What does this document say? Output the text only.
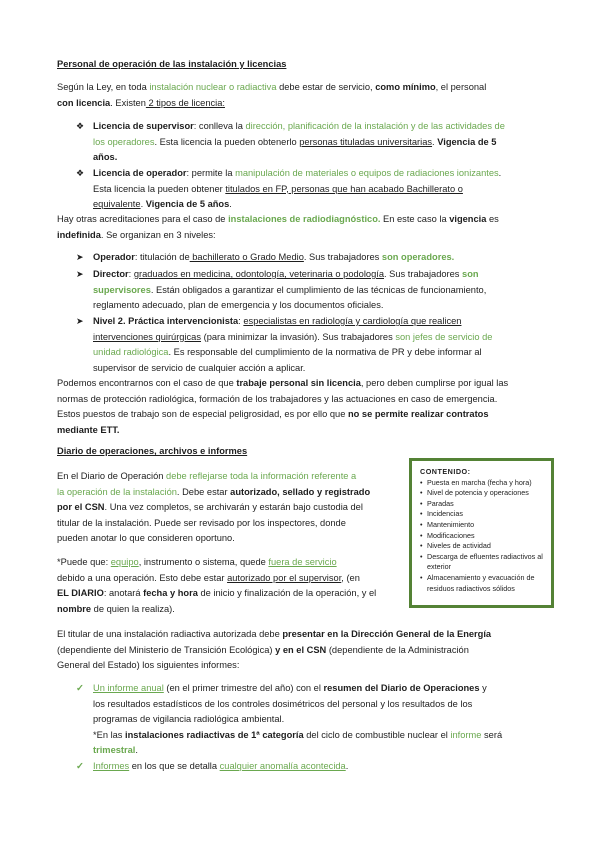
Personal de operación de las instalación y licencias
Según la Ley, en toda instalación nuclear o radiactiva debe estar de servicio, como mínimo, el personal
con licencia. Existen 2 tipos de licencia:
❖ Licencia de supervisor: conlleva la dirección, planificación de la instalación y de las actividades de
los operadores. Esta licencia la pueden obtenerlo personas tituladas universitarias. Vigencia de 5
años.
❖ Licencia de operador: permite la manipulación de materiales o equipos de radiaciones ionizantes.
Esta licencia la pueden obtener titulados en FP, personas que han acabado Bachillerato o
equivalente. Vigencia de 5 años.
Hay otras acreditaciones para el caso de instalaciones de radiodiagnóstico. En este caso la vigencia es
indefinida. Se organizan en 3 niveles:
➤ Operador: titulación de bachillerato o Grado Medio. Sus trabajadores son operadores.
➤ Director: graduados en medicina, odontología, veterinaria o podología. Sus trabajadores son
supervisores. Están obligados a garantizar el cumplimiento de las técnicas de funcionamiento,
reglamento adecuado, plan de emergencia y los documentos oficiales.
➤ Nivel 2. Práctica intervencionista: especialistas en radiología y cardiología que realicen
intervenciones quirúrgicas (para minimizar la invasión). Sus trabajadores son jefes de servicio de
unidad radiológica. Es responsable del cumplimiento de la normativa de PR y debe informar al
supervisor de servicio de cualquier acción a aplicar.
Podemos encontrarnos con el caso de que trabaje personal sin licencia, pero deben cumplirse por igual las
normas de protección radiológica, formación de los trabajadores y las actuaciones en caso de emergencia.
Estos puestos de trabajo son de especial peligrosidad, es por ello que no se permite realizar contratos
mediante ETT.
Diario de operaciones, archivos e informes
En el Diario de Operación debe reflejarse toda la información referente a
la operación de la instalación. Debe estar autorizado, sellado y registrado
por el CSN. Una vez completos, se archivarán y estarán bajo custodia del
titular de la instalación. Puede ser revisado por los inspectores, donde
pueden anotar lo que consideren oportuno.
*Puede que: equipo, instrumento o sistema, quede fuera de servicio
debido a una operación. Esto debe estar autorizado por el supervisor, (en
EL DIARIO: anotará fecha y hora de inicio y finalización de la operación, y el
nombre de quien la realiza).
CONTENIDO:
• Puesta en marcha (fecha y hora)
• Nivel de potencia y operaciones
• Paradas
• Incidencias
• Mantenimiento
• Modificaciones
• Niveles de actividad
• Descarga de efluentes radiactivos al exterior
• Almacenamiento y evacuación de residuos radiactivos sólidos
El titular de una instalación radiactiva autorizada debe presentar en la Dirección General de la Energía
(dependiente del Ministerio de Transición Ecológica) y en el CSN (dependiente de la Administración
General del Estado) los siguientes informes:
✓ Un informe anual (en el primer trimestre del año) con el resumen del Diario de Operaciones y
los resultados estadísticos de los controles dosimétricos del personal y los resultados de los
programas de vigilancia radiológica ambiental.
*En las instalaciones radiactivas de 1ª categoría del ciclo de combustible nuclear el informe será
trimestral.
✓ Informes en los que se detalla cualquier anomalía acontecida.
